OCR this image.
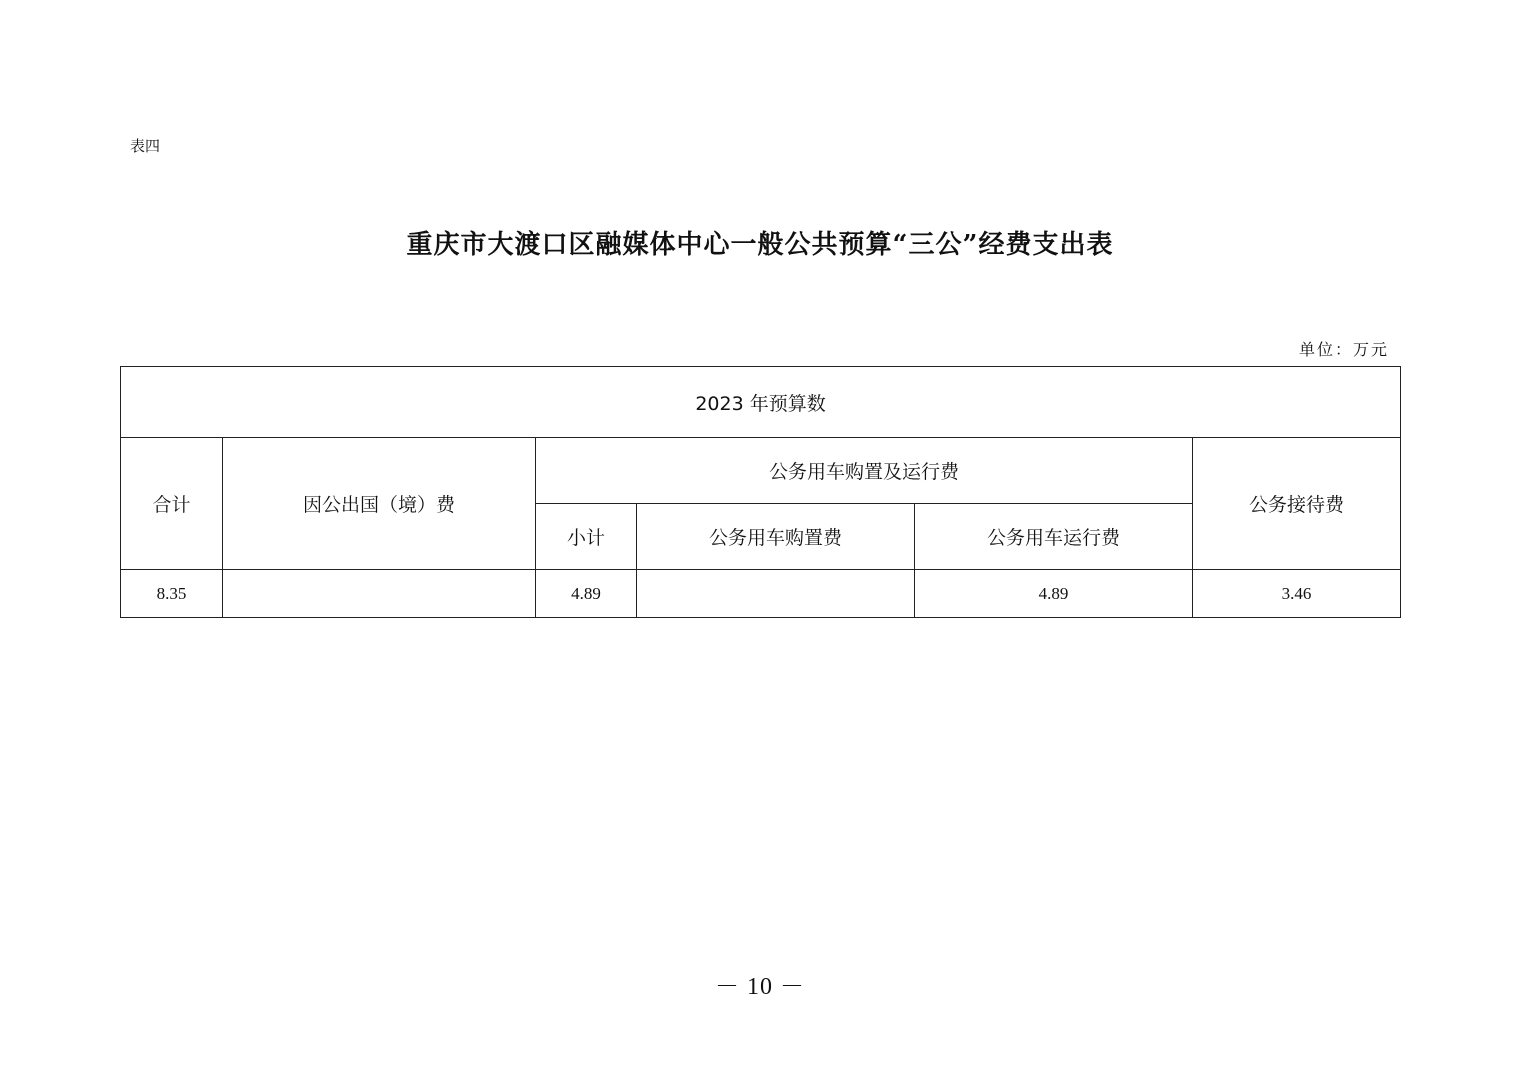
表四
重庆市大渡口区融媒体中心一般公共预算“三公”经费支出表
单位：万元
2023 年预算数					
合计	因公出国（境）费	公务用车购置及运行费			公务接待费
		小计	公务用车购置费	公务用车运行费	
8.35		4.89		4.89	3.46
－ 10 －
